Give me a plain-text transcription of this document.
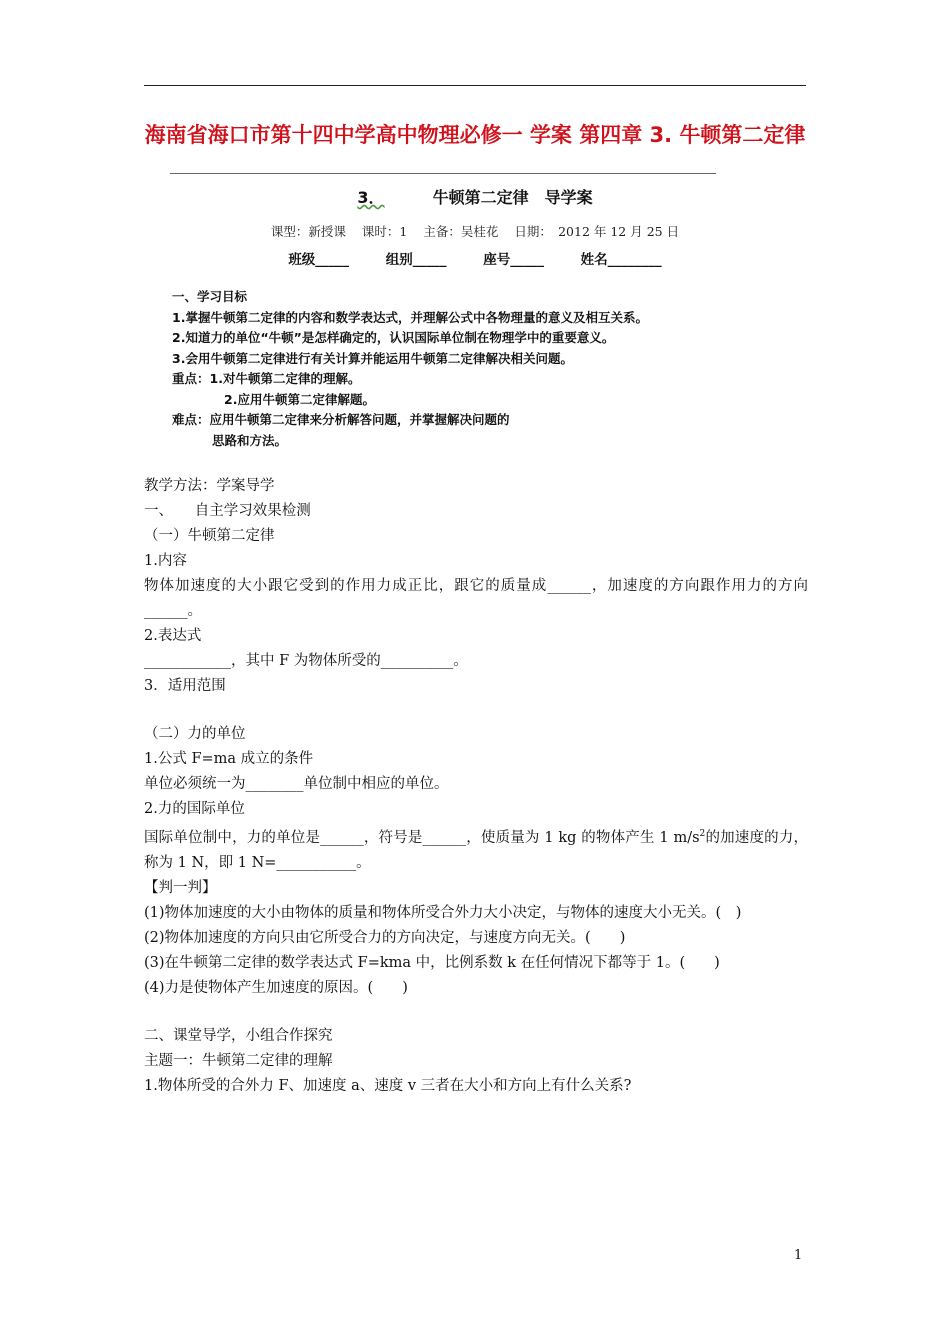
海南省海口市第十四中学高中物理必修一 学案 第四章 3. 牛顿第二定律
3．	牛顿第二定律　导学案
课型：新授课 课时：1 主备：吴桂花 日期：　2012 年 12 月 25 日
班级_____	组别_____	座号_____	姓名________
一、学习目标
1.掌握牛顿第二定律的内容和数学表达式，并理解公式中各物理量的意义及相互关系。
2.知道力的单位“牛顿”是怎样确定的，认识国际单位制在物理学中的重要意义。
3.会用牛顿第二定律进行有关计算并能运用牛顿第二定律解决相关问题。
重点：1.对牛顿第二定律的理解。
2.应用牛顿第二定律解题。
难点：应用牛顿第二定律来分析解答问题，并掌握解决问题的
思路和方法。
教学方法：学案导学
一、　　自主学习效果检测
（一）牛顿第二定律
1.内容
物体加速度的大小跟它受到的作用力成正比，跟它的质量成______，加速度的方向跟作用力的方向 ______。
2.表达式
____________，其中 F 为物体所受的__________。
3．适用范围
（二）力的单位
1.公式 F=ma 成立的条件
单位必须统一为________单位制中相应的单位。
2.力的国际单位
国际单位制中，力的单位是______，符号是______，使质量为 1 kg 的物体产生 1 $m/s^2$的加速度的力，称为 1 N，即 1 N=___________。
【判一判】
(1)物体加速度的大小由物体的质量和物体所受合外力大小决定，与物体的速度大小无关。(　)
(2)物体加速度的方向只由它所受合力的方向决定，与速度方向无关。(　　)
(3)在牛顿第二定律的数学表达式 F=kma 中，比例系数 k 在任何情况下都等于 1。(　　)
(4)力是使物体产生加速度的原因。(　　)
二、课堂导学，小组合作探究
主题一：牛顿第二定律的理解
1.物体所受的合外力 F、加速度 a、速度 v 三者在大小和方向上有什么关系?
1
